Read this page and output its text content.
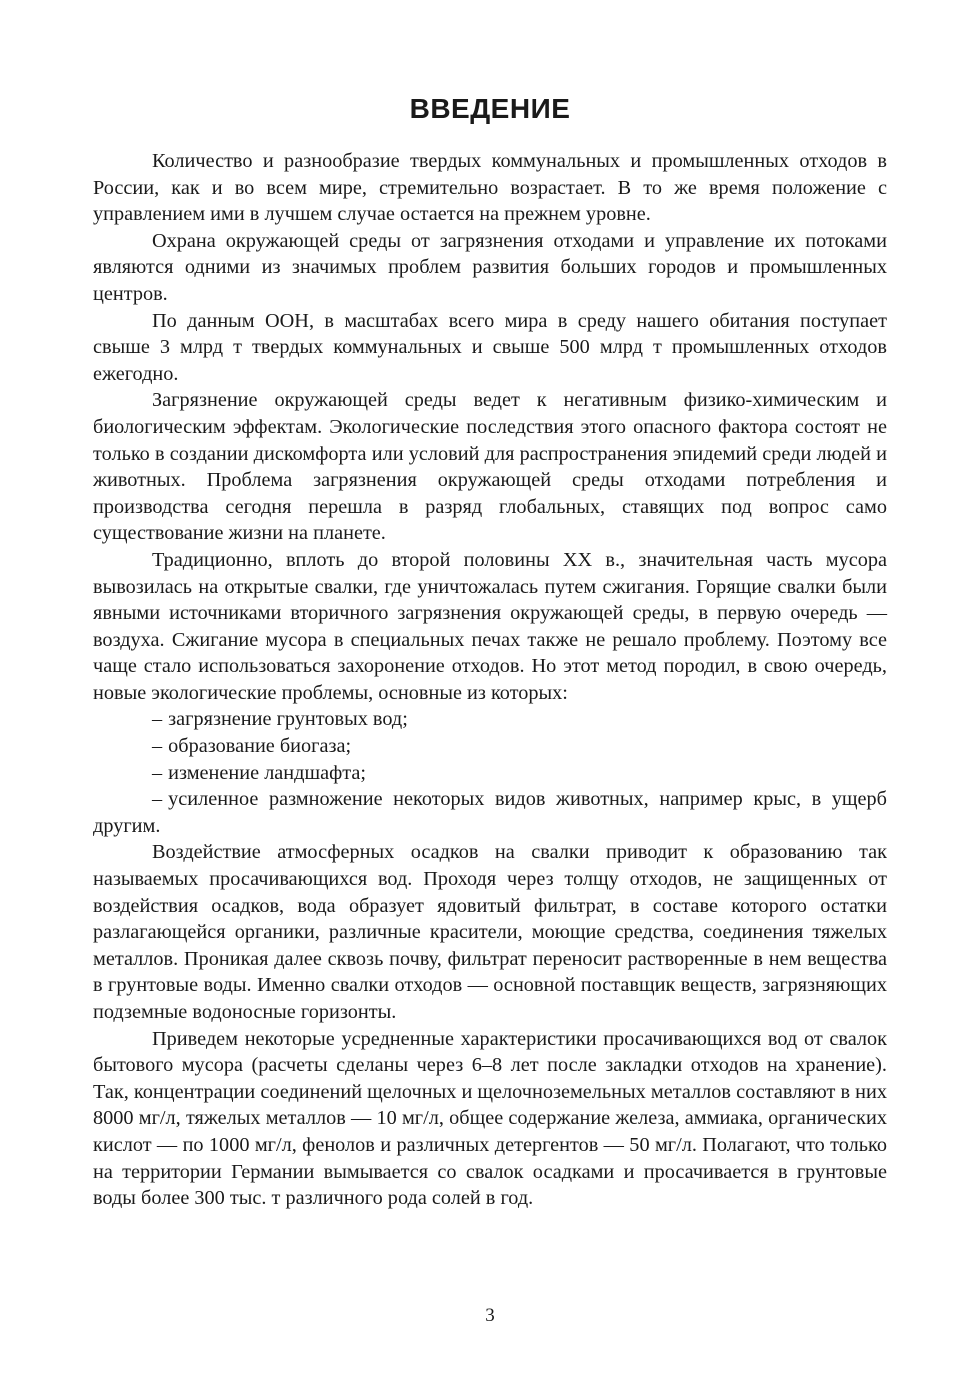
ВВЕДЕНИЕ

Количество и разнообразие твердых коммунальных и промышленных отходов в России, как и во всем мире, стремительно возрастает. В то же время положение с управлением ими в лучшем случае остается на прежнем уровне.

Охрана окружающей среды от загрязнения отходами и управление их потоками являются одними из значимых проблем развития больших городов и промышленных центров.

По данным ООН, в масштабах всего мира в среду нашего обитания поступает свыше 3 млрд т твердых коммунальных и свыше 500 млрд т промышленных отходов ежегодно.

Загрязнение окружающей среды ведет к негативным физико-химическим и биологическим эффектам. Экологические последствия этого опасного фактора состоят не только в создании дискомфорта или условий для распространения эпидемий среди людей и животных. Проблема загрязнения окружающей среды отходами потребления и производства сегодня перешла в разряд глобальных, ставящих под вопрос само существование жизни на планете.

Традиционно, вплоть до второй половины XX в., значительная часть мусора вывозилась на открытые свалки, где уничтожалась путем сжигания. Горящие свалки были явными источниками вторичного загрязнения окружающей среды, в первую очередь — воздуха. Сжигание мусора в специальных печах также не решало проблему. Поэтому все чаще стало использоваться захоронение отходов. Но этот метод породил, в свою очередь, новые экологические проблемы, основные из которых:

– загрязнение грунтовых вод;
– образование биогаза;
– изменение ландшафта;
– усиленное размножение некоторых видов животных, например крыс, в ущерб другим.

Воздействие атмосферных осадков на свалки приводит к образованию так называемых просачивающихся вод. Проходя через толщу отходов, не защищенных от воздействия осадков, вода образует ядовитый фильтрат, в составе которого остатки разлагающейся органики, различные красители, моющие средства, соединения тяжелых металлов. Проникая далее сквозь почву, фильтрат переносит растворенные в нем вещества в грунтовые воды. Именно свалки отходов — основной поставщик веществ, загрязняющих подземные водоносные горизонты.

Приведем некоторые усредненные характеристики просачивающихся вод от свалок бытового мусора (расчеты сделаны через 6–8 лет после закладки отходов на хранение). Так, концентрации соединений щелочных и щелочноземельных металлов составляют в них 8000 мг/л, тяжелых металлов — 10 мг/л, общее содержание железа, аммиака, органических кислот — по 1000 мг/л, фенолов и различных детергентов — 50 мг/л. Полагают, что только на территории Германии вымывается со свалок осадками и просачивается в грунтовые воды более 300 тыс. т различного рода солей в год.

3
